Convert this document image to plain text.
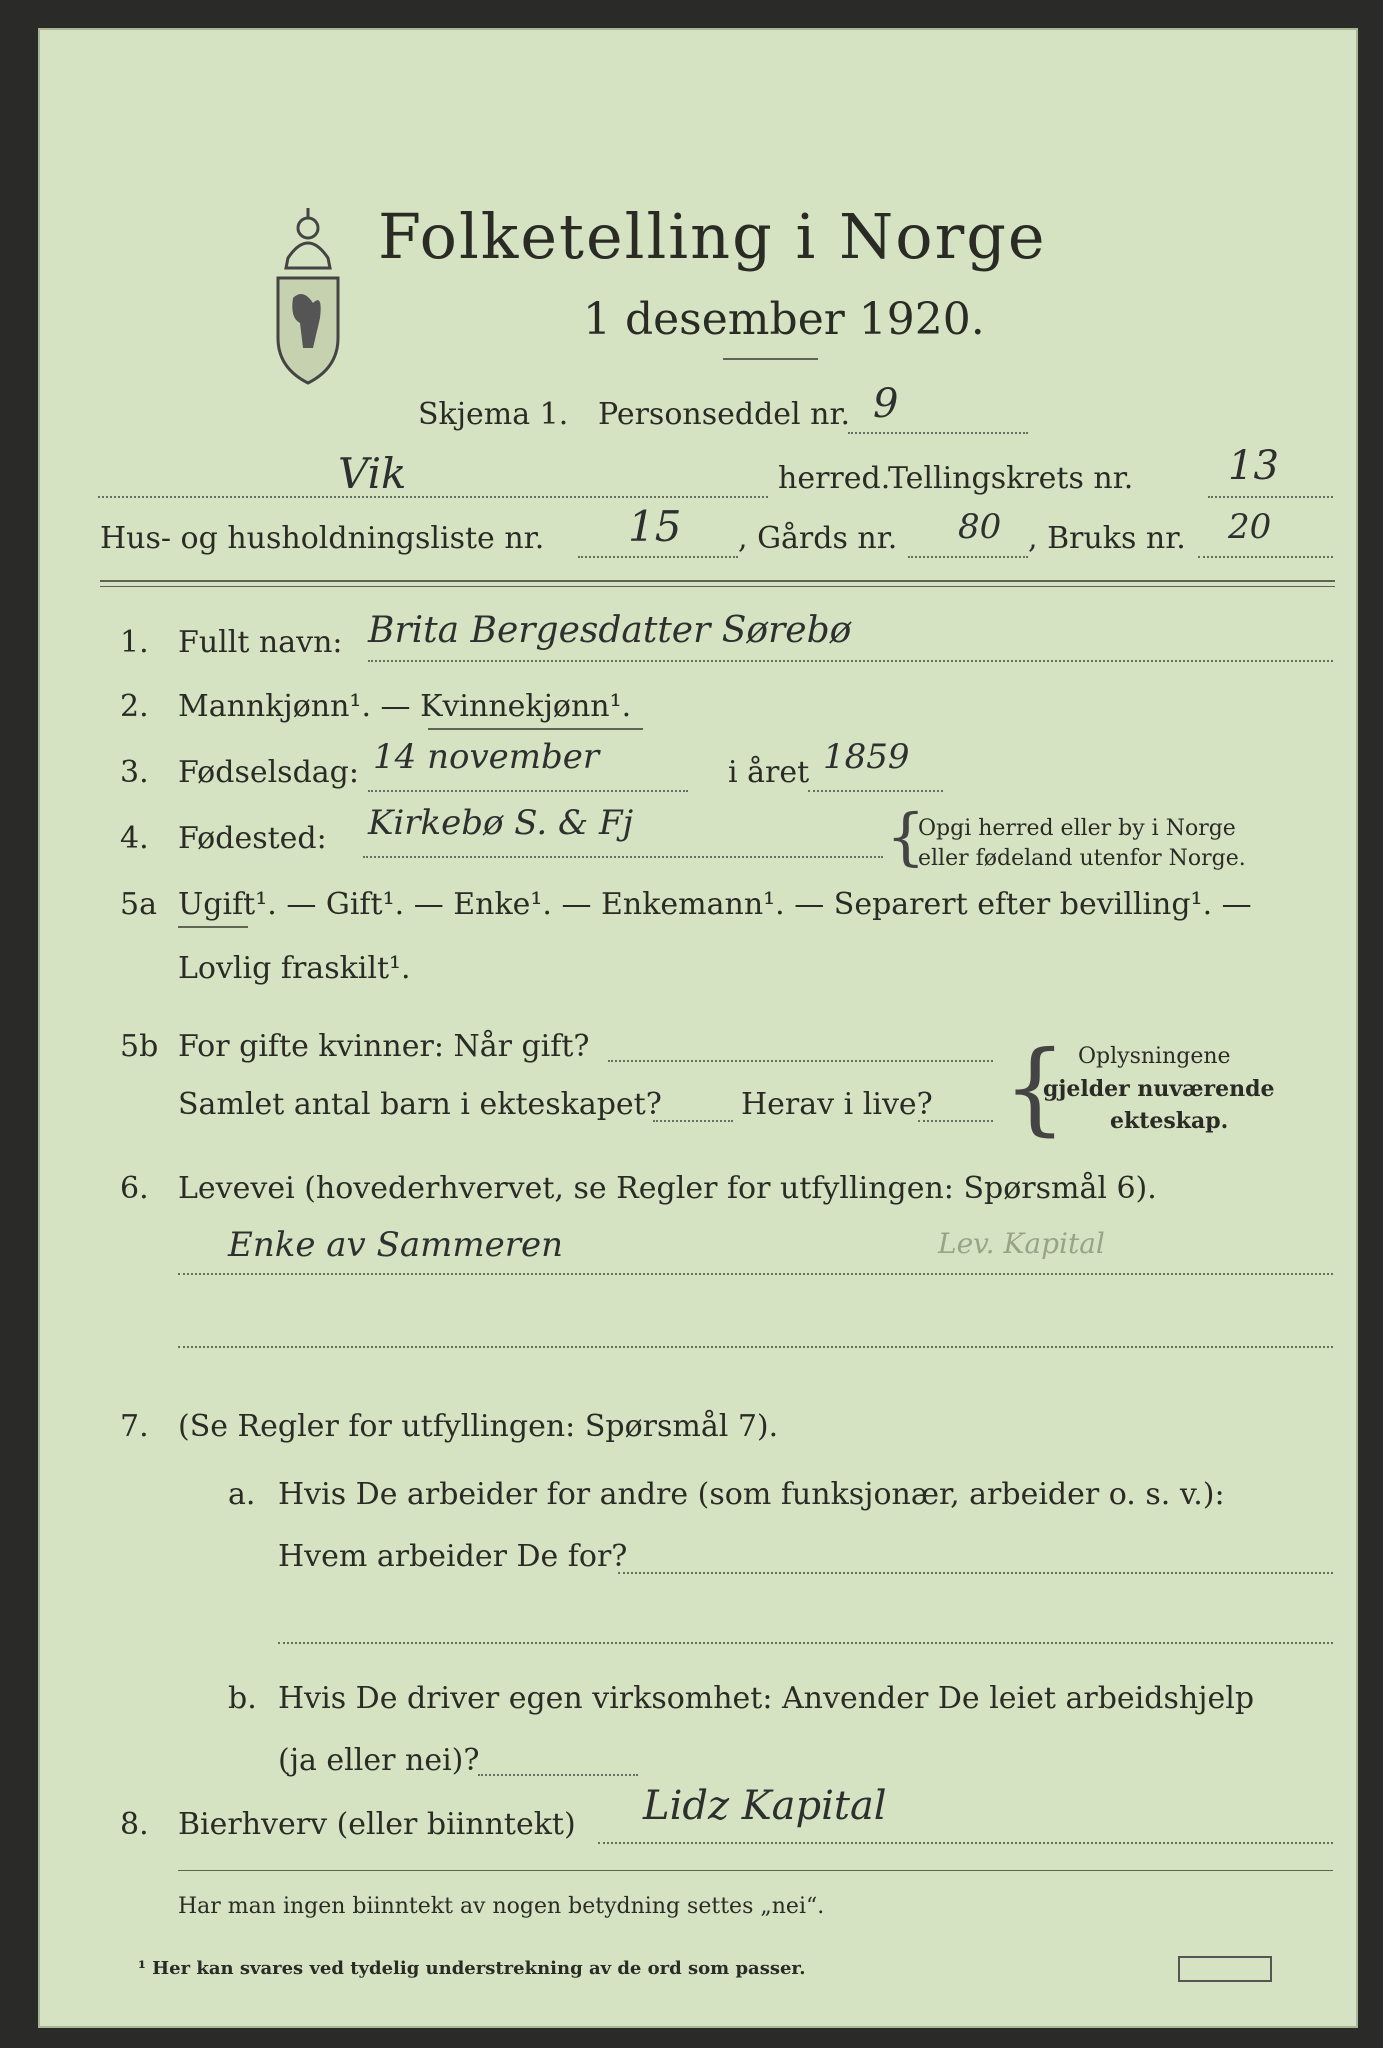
Folketelling i Norge
1 desember 1920.
Skjema 1. Personseddel nr. 9
Vik	herred.
Tellingskrets nr. 13
Hus- og husholdningsliste nr. 15 , Gårds nr. 80 , Bruks nr. 20
1. Fullt navn: Brita Bergesdatter Sørebø
2. Mannkjønn¹. — Kvinnekjønn¹.
3. Fødselsdag: 14 november	i året 1859
4. Fødested: Kirkebø S. & Fj	{
Opgi herred eller by i Norge
eller fødeland utenfor Norge.
5a Ugift¹. — Gift¹. — Enke¹. — Enkemann¹. — Separert efter bevilling¹. —
Lovlig fraskilt¹.
5b For gifte kvinner: Når gift?
Samlet antal barn i ekteskapet?	Herav i live? { Oplysningene
gjelder nuværende
ekteskap.
6. Levevei (hovederhvervet, se Regler for utfyllingen: Spørsmål 6).
Enke av Sammeren	Lev. Kapital
7. (Se Regler for utfyllingen: Spørsmål 7).
a. Hvis De arbeider for andre (som funksjonær, arbeider o. s. v.):
Hvem arbeider De for?
b. Hvis De driver egen virksomhet: Anvender De leiet arbeidshjelp
(ja eller nei)?
8. Bierhverv (eller biinntekt) Lidz Kapital
Har man ingen biinntekt av nogen betydning settes „nei“.
¹ Her kan svares ved tydelig understrekning av de ord som passer.
